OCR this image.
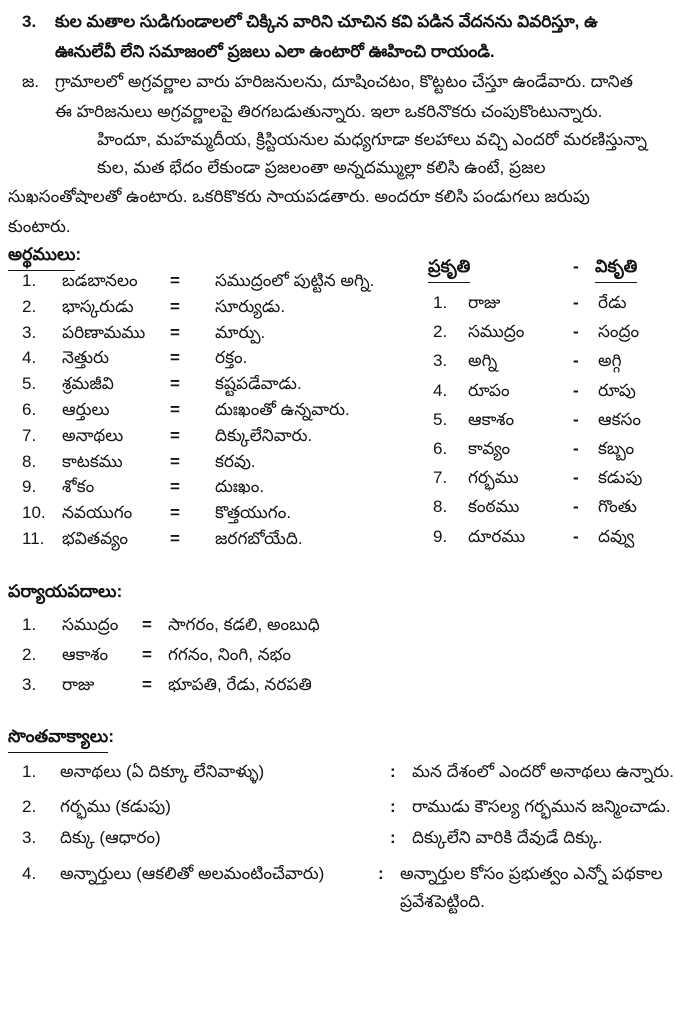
3. కుల మతాల సుడిగుండాలలో చిక్కిన వారిని చూచిన కవి పడిన వేదనను వివరిస్తూ, ఉ
ఊనులేవీ లేని సమాజంలో ప్రజలు ఎలా ఉంటారో ఊహించి రాయండి.
జ. గ్రామాలలో అగ్రవర్ణాల వారు హరిజనులను, దూషించటం, కొట్టటం చేస్తూ ఉండేవారు. దానిత
ఈ హరిజనులు అగ్రవర్ణాలపై తిరగబడుతున్నారు. ఇలా ఒకరినొకరు చంపుకొంటున్నారు.
హిందూ, మహమ్మదీయ, క్రిస్టియనుల మధ్యగూడా కలహాలు వచ్చి ఎందరో మరణిస్తున్నా
కుల, మత భేదం లేకుండా ప్రజలంతా అన్నదమ్ముల్లా కలిసి ఉంటే, ప్రజల
సుఖసంతోషాలతో ఉంటారు. ఒకరికొకరు సాయపడతారు. అందరూ కలిసి పండుగలు జరుపు
కుంటారు.
అర్థములు:
1.	బడబానలం	=	సముద్రంలో పుట్టిన అగ్ని.
2.	భాస్కరుడు	=	సూర్యుడు.
3.	పరిణామము	=	మార్పు.
4.	నెత్తురు	=	రక్తం.
5.	శ్రమజీవి	=	కష్టపడేవాడు.
6.	ఆర్తులు	=	దుఃఖంతో ఉన్నవారు.
7.	అనాథలు	=	దిక్కులేనివారు.
8.	కాటకము	=	కరవు.
9.	శోకం	=	దుఃఖం.
10. నవయుగం	=	కొత్తయుగం.
11.	భవితవ్యం	=	జరగబోయేది.
ప్రకృతి	- వికృతి
1.	రాజు	-	రేడు
2.	సముద్రం	-	సంద్రం
3.	అగ్ని	-	అగ్గి
4.	రూపం	-	రూపు
5.	ఆకాశం	-	ఆకసం
6.	కావ్యం	-	కబ్బం
7.	గర్భము	-	కడుపు
8.	కంఠము	-	గొంతు
9.	దూరము	-	దవ్వు
పర్యాయపదాలు:
1.	సముద్రం	= సాగరం, కడలి, అంబుధి
2.	ఆకాశం	= గగనం, నింగి, నభం
3.	రాజు	= భూపతి, రేడు, నరపతి
సొంతవాక్యాలు:
1.	అనాథలు (ఏ దిక్కూ లేనివాళ్ళు)	: మన దేశంలో ఎందరో అనాథలు ఉన్నారు.
2.	గర్భము (కడుపు)	: రాముడు కౌసల్య గర్భమున జన్మించాడు.
3.	దిక్కు (ఆధారం)	: దిక్కులేని వారికి దేవుడే దిక్కు.
4.	అన్నార్తులు (ఆకలితో అలమంటించేవారు)	: అన్నార్తుల కోసం ప్రభుత్వం ఎన్నో పథకాల
ప్రవేశపెట్టింది.
